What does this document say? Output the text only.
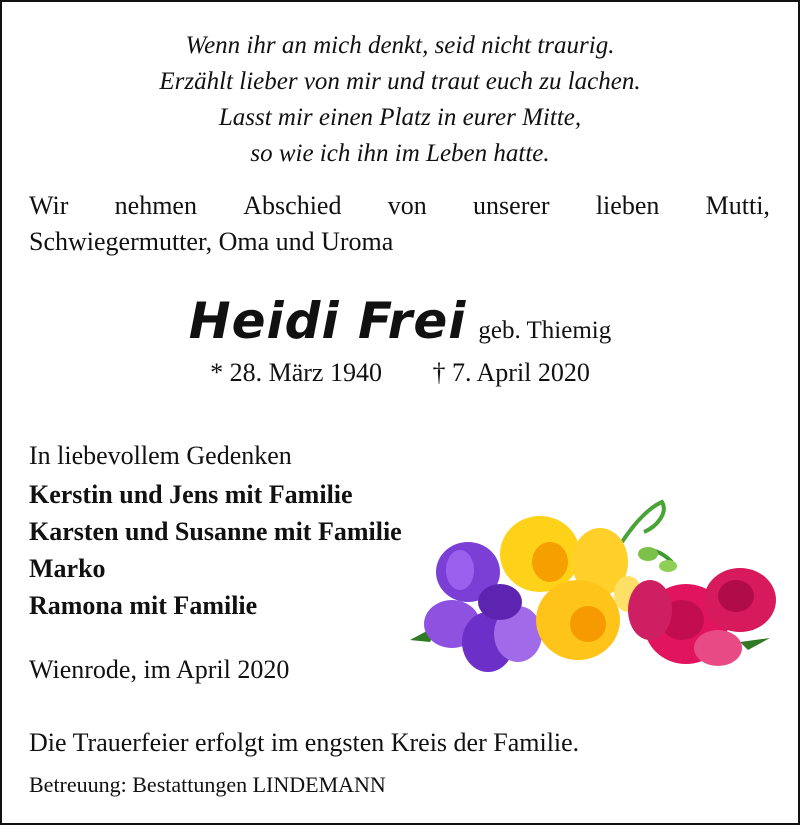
Wenn ihr an mich denkt, seid nicht traurig.
Erzählt lieber von mir und traut euch zu lachen.
Lasst mir einen Platz in eurer Mitte,
so wie ich ihn im Leben hatte.
Wir nehmen Abschied von unserer lieben Mutti,
Schwiegermutter, Oma und Uroma
Heidi Frei geb. Thiemig
* 28. März 1940 † 7. April 2020
In liebevollem Gedenken
Kerstin und Jens mit Familie
Karsten und Susanne mit Familie
Marko
Ramona mit Familie
Wienrode, im April 2020
Die Trauerfeier erfolgt im engsten Kreis der Familie.
Betreuung: Bestattungen LINDEMANN
